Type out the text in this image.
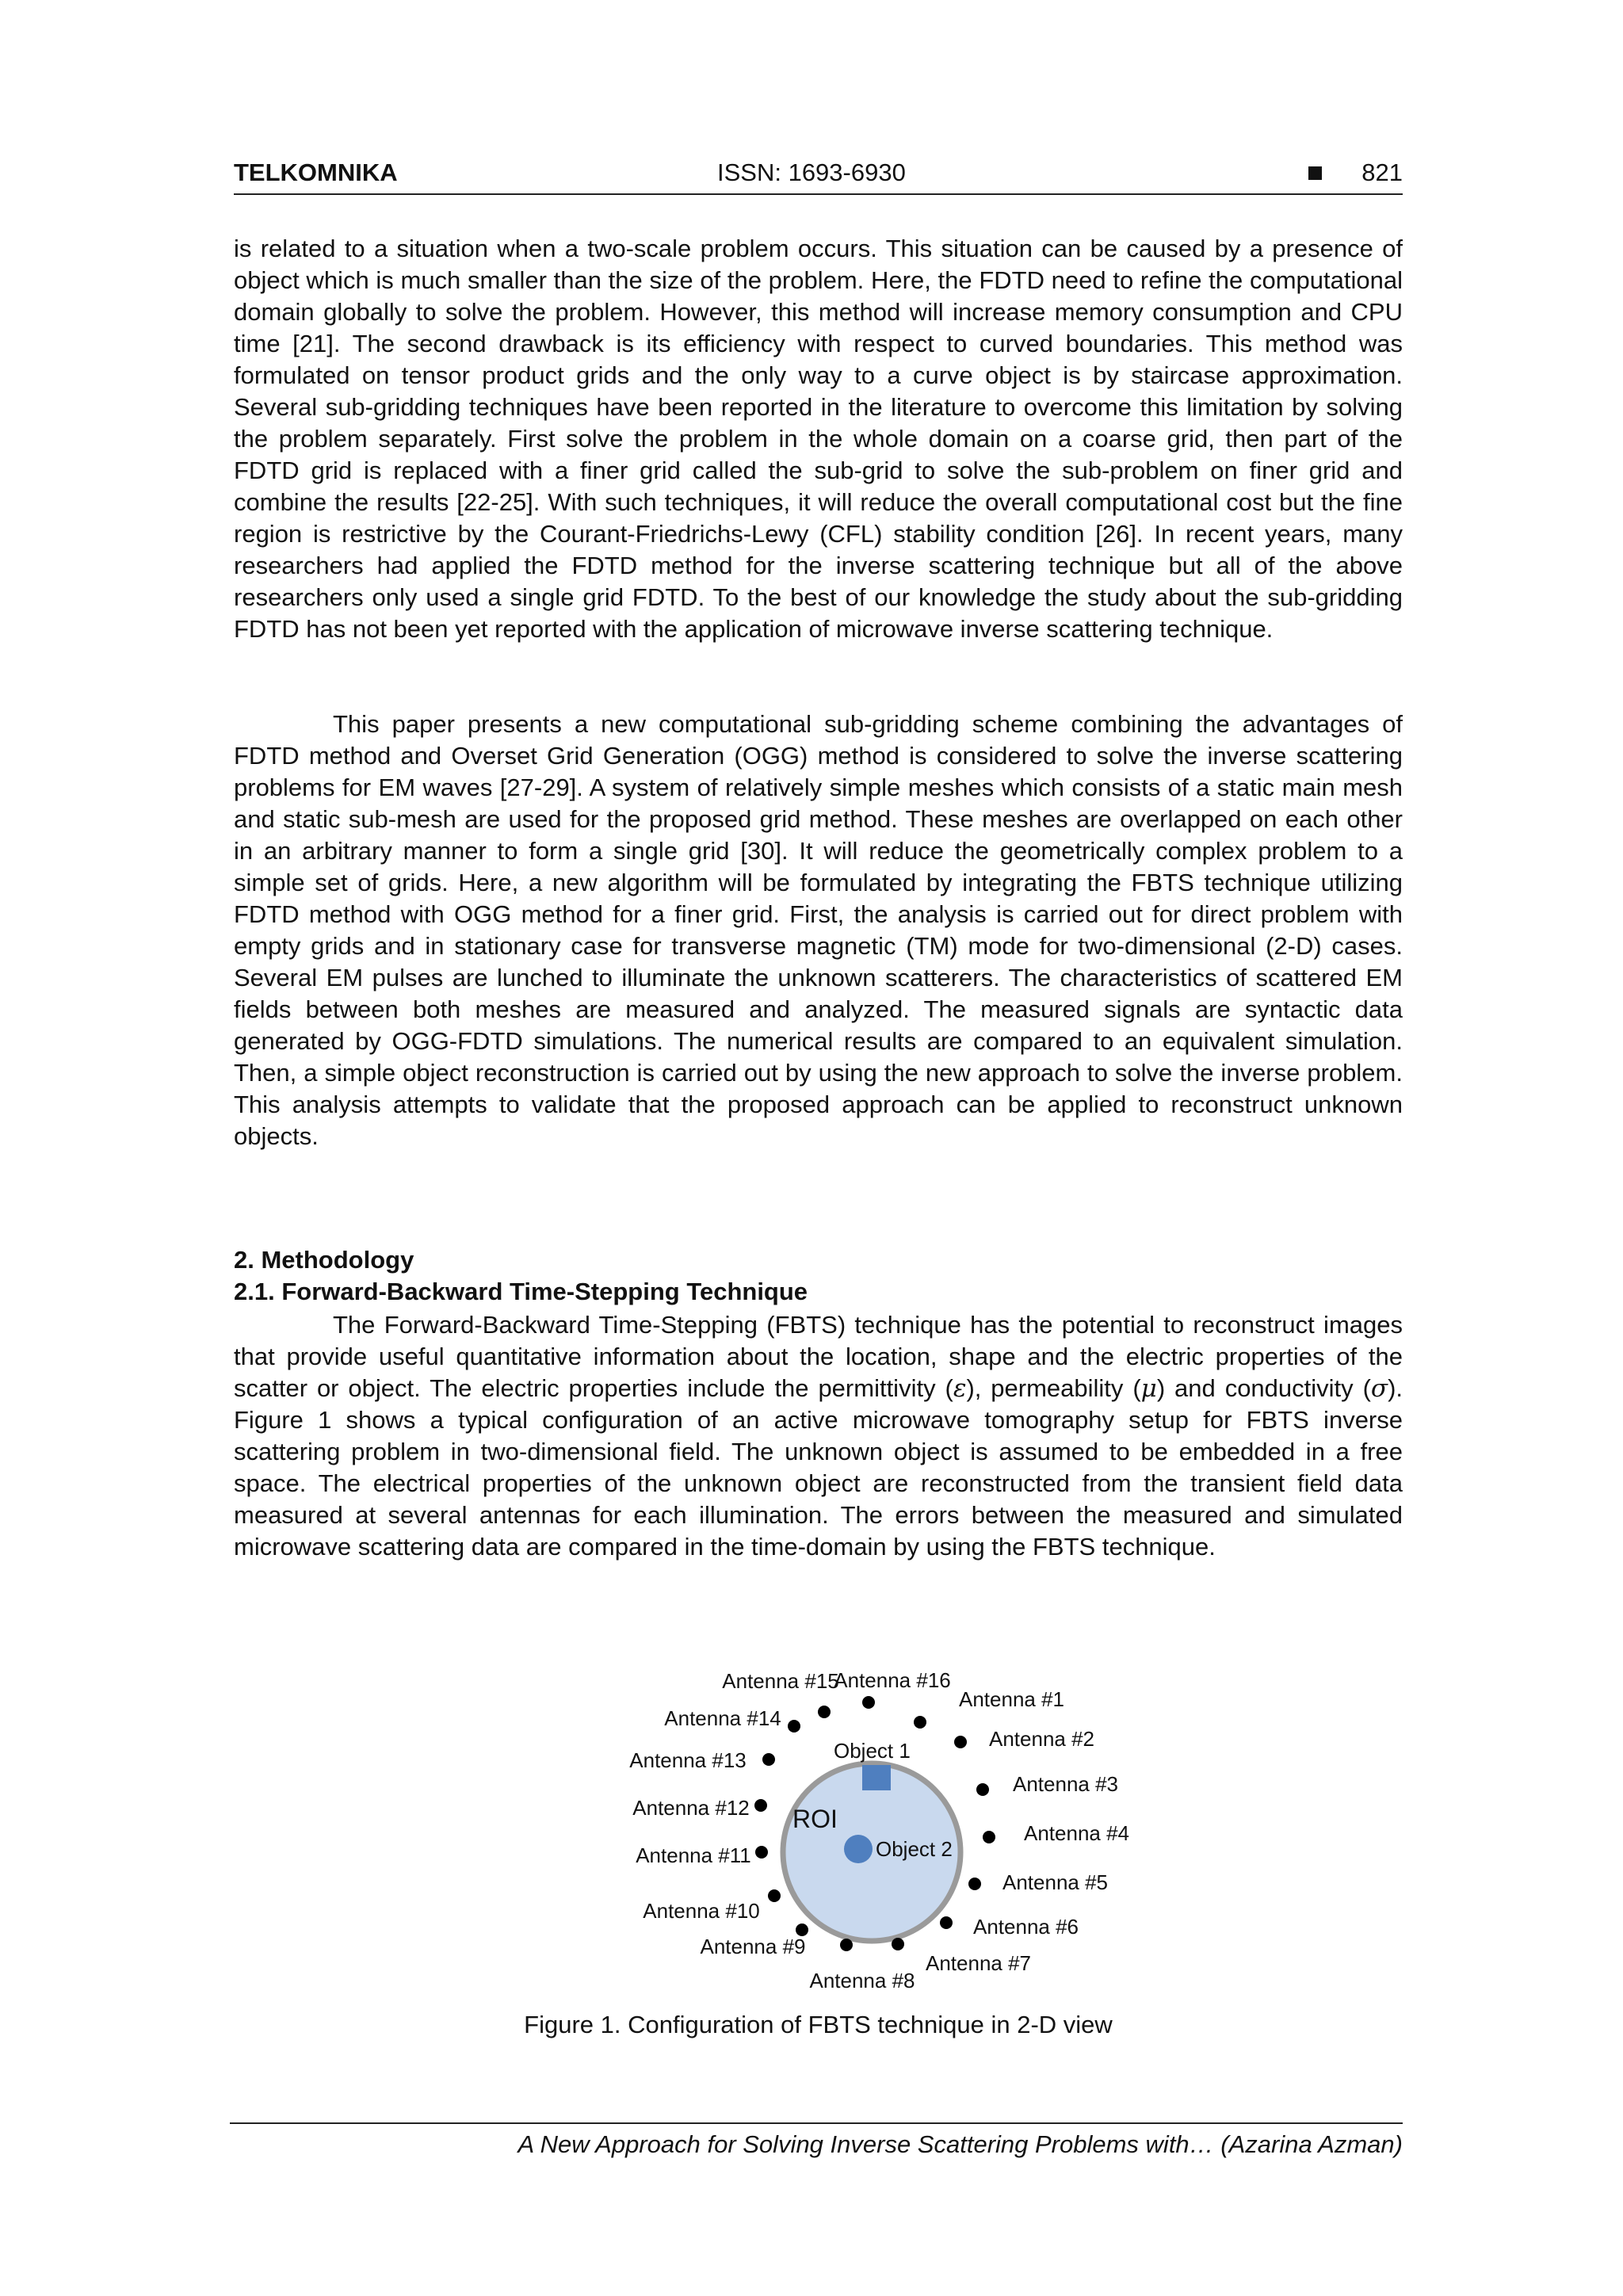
TELKOMNIKA	ISSN: 1693-6930	821
is related to a situation when a two-scale problem occurs. This situation can be caused by a presence of object which is much smaller than the size of the problem. Here, the FDTD need to refine the computational domain globally to solve the problem. However, this method will increase memory consumption and CPU time [21]. The second drawback is its efficiency with respect to curved boundaries. This method was formulated on tensor product grids and the only way to a curve object is by staircase approximation. Several sub-gridding techniques have been reported in the literature to overcome this limitation by solving the problem separately. First solve the problem in the whole domain on a coarse grid, then part of the FDTD grid is replaced with a finer grid called the sub-grid to solve the sub-problem on finer grid and combine the results [22-25]. With such techniques, it will reduce the overall computational cost but the fine region is restrictive by the Courant-Friedrichs-Lewy (CFL) stability condition [26]. In recent years, many researchers had applied the FDTD method for the inverse scattering technique but all of the above researchers only used a single grid FDTD. To the best of our knowledge the study about the sub-gridding FDTD has not been yet reported with the application of microwave inverse scattering technique.
This paper presents a new computational sub-gridding scheme combining the advantages of FDTD method and Overset Grid Generation (OGG) method is considered to solve the inverse scattering problems for EM waves [27-29]. A system of relatively simple meshes which consists of a static main mesh and static sub-mesh are used for the proposed grid method. These meshes are overlapped on each other in an arbitrary manner to form a single grid [30]. It will reduce the geometrically complex problem to a simple set of grids. Here, a new algorithm will be formulated by integrating the FBTS technique utilizing FDTD method with OGG method for a finer grid. First, the analysis is carried out for direct problem with empty grids and in stationary case for transverse magnetic (TM) mode for two-dimensional (2-D) cases. Several EM pulses are lunched to illuminate the unknown scatterers. The characteristics of scattered EM fields between both meshes are measured and analyzed. The measured signals are syntactic data generated by OGG-FDTD simulations. The numerical results are compared to an equivalent simulation. Then, a simple object reconstruction is carried out by using the new approach to solve the inverse problem. This analysis attempts to validate that the proposed approach can be applied to reconstruct unknown objects.
2. Methodology
2.1. Forward-Backward Time-Stepping Technique
The Forward-Backward Time-Stepping (FBTS) technique has the potential to reconstruct images that provide useful quantitative information about the location, shape and the electric properties of the scatter or object. The electric properties include the permittivity (ε), permeability (μ) and conductivity (σ). Figure 1 shows a typical configuration of an active microwave tomography setup for FBTS inverse scattering problem in two-dimensional field. The unknown object is assumed to be embedded in a free space. The electrical properties of the unknown object are reconstructed from the transient field data measured at several antennas for each illumination. The errors between the measured and simulated microwave scattering data are compared in the time-domain by using the FBTS technique.
ROI
Object 1
Object 2
Antenna #1
Antenna #2
Antenna #3
Antenna #4
Antenna #5
Antenna #6
Antenna #7
Antenna #8
Antenna #9
Antenna #10
Antenna #11
Antenna #12
Antenna #13
Antenna #14
Antenna #15
Antenna #16
Figure 1. Configuration of FBTS technique in 2-D view
A New Approach for Solving Inverse Scattering Problems with… (Azarina Azman)
